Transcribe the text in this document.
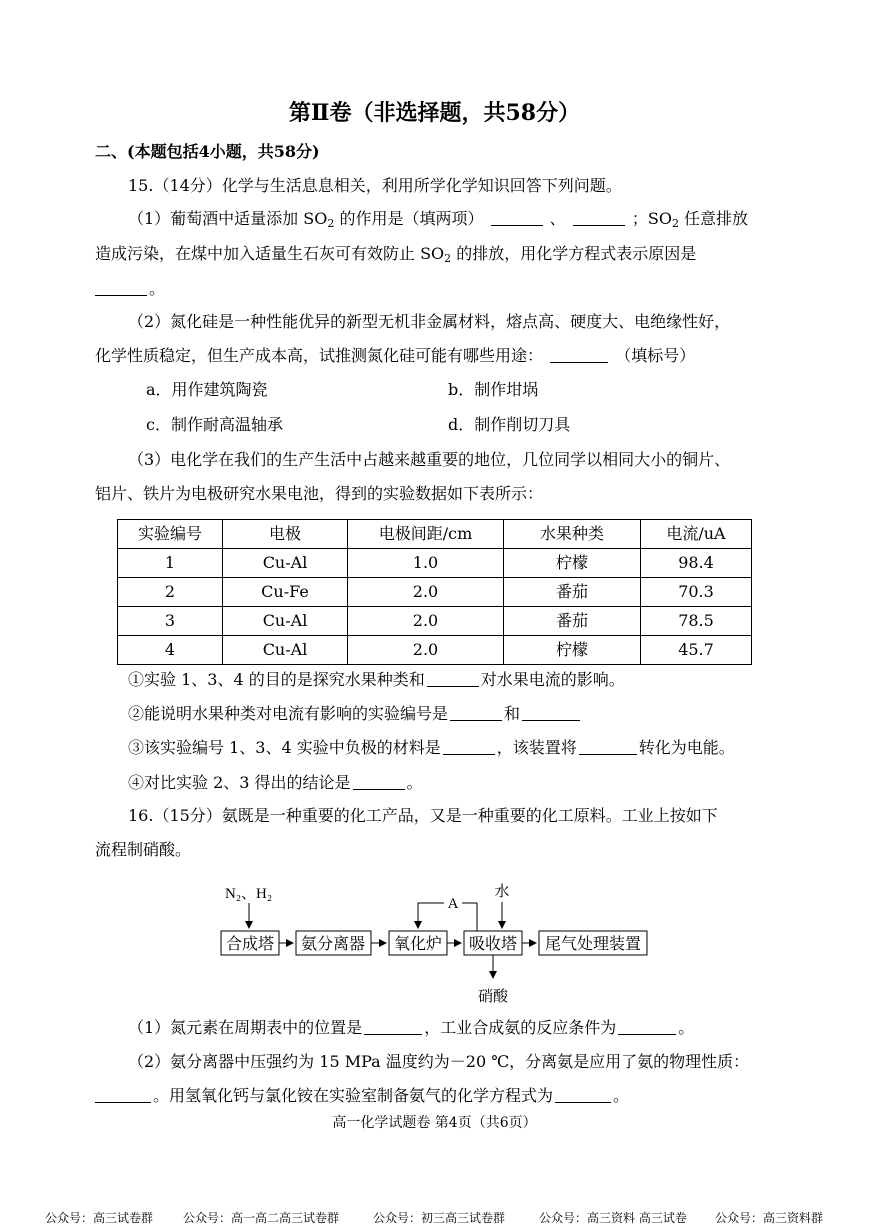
第Ⅱ卷（非选择题，共58分）
二、(本题包括4小题，共58分)
15.（14分）化学与生活息息相关，利用所学化学知识回答下列问题。
（1）葡萄酒中适量添加 $SO_2$ 的作用是（填两项）	、	；$SO_2$ 任意排放
造成污染，在煤中加入适量生石灰可有效防止 $SO_2$ 的排放，用化学方程式表示原因是
。
（2）氮化硅是一种性能优异的新型无机非金属材料，熔点高、硬度大、电绝缘性好，
化学性质稳定，但生产成本高，试推测氮化硅可能有哪些用途：	（填标号）
a．用作建筑陶瓷	b．制作坩埚
c．制作耐高温轴承	d．制作削切刀具
（3）电化学在我们的生产生活中占越来越重要的地位，几位同学以相同大小的铜片、
铝片、铁片为电极研究水果电池，得到的实验数据如下表所示：
实验编号	电极	电极间距/cm	水果种类	电流/uA
1	Cu-Al	1.0	柠檬	98.4
2	Cu-Fe	2.0	番茄	70.3
3	Cu-Al	2.0	番茄	78.5
4	Cu-Al	2.0	柠檬	45.7
①实验 1、3、4 的目的是探究水果种类和	对水果电流的影响。
②能说明水果种类对电流有影响的实验编号是	和
③该实验编号 1、3、4 实验中负极的材料是	，该装置将	转化为电能。
④对比实验 2、3 得出的结论是	。
16.（15分）氨既是一种重要的化工产品，又是一种重要的化工原料。工业上按如下
流程制硝酸。
N₂、H₂
合成塔 氨分离器 氧化炉 吸收塔 尾气处理装置
A
水
硝酸
（1）氮元素在周期表中的位置是	，工业合成氨的反应条件为	。
（2）氨分离器中压强约为 15 MPa 温度约为－20 ℃，分离氨是应用了氨的物理性质：
。用氢氧化钙与氯化铵在实验室制备氨气的化学方程式为	。
高一化学试题卷 第4页（共6页）
公众号：高三试卷群 公众号：高一高二高三试卷群	公众号：初三高三试卷群	公众号：高三资料 高三试卷 公众号：高三资料群
